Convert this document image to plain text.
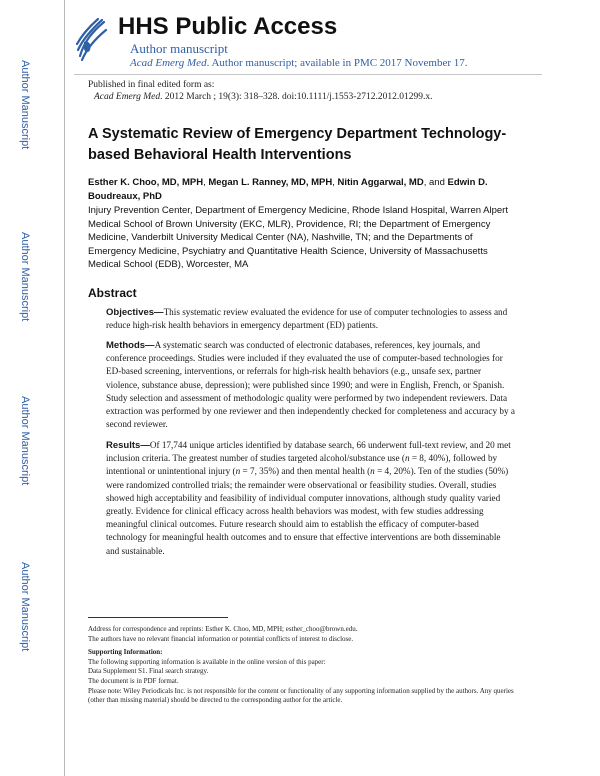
Author Manuscript
Author Manuscript
Author Manuscript
Author Manuscript
HHS Public Access
Author manuscript
Acad Emerg Med. Author manuscript; available in PMC 2017 November 17.
Published in final edited form as:
Acad Emerg Med. 2012 March ; 19(3): 318–328. doi:10.1111/j.1553-2712.2012.01299.x.
A Systematic Review of Emergency Department Technology-based Behavioral Health Interventions

Esther K. Choo, MD, MPH, Megan L. Ranney, MD, MPH, Nitin Aggarwal, MD, and Edwin D. Boudreaux, PhD

Injury Prevention Center, Department of Emergency Medicine, Rhode Island Hospital, Warren Alpert Medical School of Brown University (EKC, MLR), Providence, RI; the Department of Emergency Medicine, Vanderbilt University Medical Center (NA), Nashville, TN; and the Departments of Emergency Medicine, Psychiatry and Quantitative Health Science, University of Massachusetts Medical School (EDB), Worcester, MA

Abstract

Objectives—This systematic review evaluated the evidence for use of computer technologies to assess and reduce high-risk health behaviors in emergency department (ED) patients.

Methods—A systematic search was conducted of electronic databases, references, key journals, and conference proceedings. Studies were included if they evaluated the use of computer-based technologies for ED-based screening, interventions, or referrals for high-risk health behaviors (e.g., unsafe sex, partner violence, substance abuse, depression); were published since 1990; and were in English, French, or Spanish. Study selection and assessment of methodologic quality were performed by two independent reviewers. Data extraction was performed by one reviewer and then independently checked for completeness and accuracy by a second reviewer.

Results—Of 17,744 unique articles identified by database search, 66 underwent full-text review, and 20 met inclusion criteria. The greatest number of studies targeted alcohol/substance use (n = 8, 40%), followed by intentional or unintentional injury (n = 7, 35%) and then mental health (n = 4, 20%). Ten of the studies (50%) were randomized controlled trials; the remainder were observational or feasibility studies. Overall, studies showed high acceptability and feasibility of individual computer innovations, although study quality varied greatly. Evidence for clinical efficacy across health behaviors was modest, with few studies addressing meaningful clinical outcomes. Future research should aim to establish the efficacy of computer-based technology for meaningful health outcomes and to ensure that effective interventions are both disseminable and sustainable.

Address for correspondence and reprints: Esther K. Choo, MD, MPH; esther_choo@brown.edu.
The authors have no relevant financial information or potential conflicts of interest to disclose.
Supporting Information:
The following supporting information is available in the online version of this paper:
Data Supplement S1. Final search strategy.
The document is in PDF format.
Please note: Wiley Periodicals Inc. is not responsible for the content or functionality of any supporting information supplied by the authors. Any queries (other than missing material) should be directed to the corresponding author for the article.
